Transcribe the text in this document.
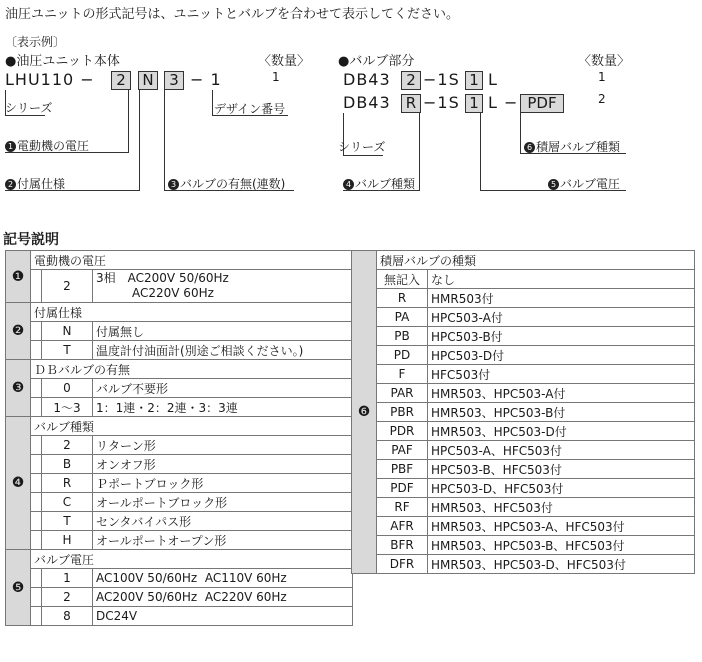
油圧ユニットの形式記号は、ユニットとバルブを合わせて表示してください。
〔表示例〕
●油圧ユニット本体	〈数量〉
1
LHU110 −	2	N	3 − 1
シリーズ	デザイン番号
1 電動機の電圧
2 付属仕様	3 バルブの有無(連数)
●バルブ部分	〈数量〉
1
2
DB43	2 −1S 1 L
DB43	R −1S 1 L − PDF
シリーズ	6 積層バルブ種類
4 バルブ種類	5 バルブ電圧
記号説明
❶	電動機の電圧		
		2	3相　AC200V 50/60Hz
　　　AC220V 60Hz
❷	付属仕様		
		N	付属無し
		T	温度計付油面計(別途ご相談ください。)
❸	ＤＢバルブの有無		
		0	バルブ不要形
		1～3	1：1連・2：2連・3：3連
❹	バルブ種類		
		2	リターン形
		B	オンオフ形
		R	Ｐポートブロック形
		C	オールポートブロック形
		T	センタバイパス形
		H	オールポートオープン形
❺	バルブ電圧		
		1	AC100V 50/60Hz  AC110V 60Hz
		2	AC200V 50/60Hz  AC220V 60Hz
		8	DC24V
❻	積層バルブの種類	
	無記入	なし
	R	HMR503付
	PA	HPC503-A付
	PB	HPC503-B付
	PD	HPC503-D付
	F	HFC503付
	PAR	HMR503、HPC503-A付
	PBR	HMR503、HPC503-B付
	PDR	HMR503、HPC503-D付
	PAF	HPC503-A、HFC503付
	PBF	HPC503-B、HFC503付
	PDF	HPC503-D、HFC503付
	RF	HMR503、HFC503付
	AFR	HMR503、HPC503-A、HFC503付
	BFR	HMR503、HPC503-B、HFC503付
	DFR	HMR503、HPC503-D、HFC503付
